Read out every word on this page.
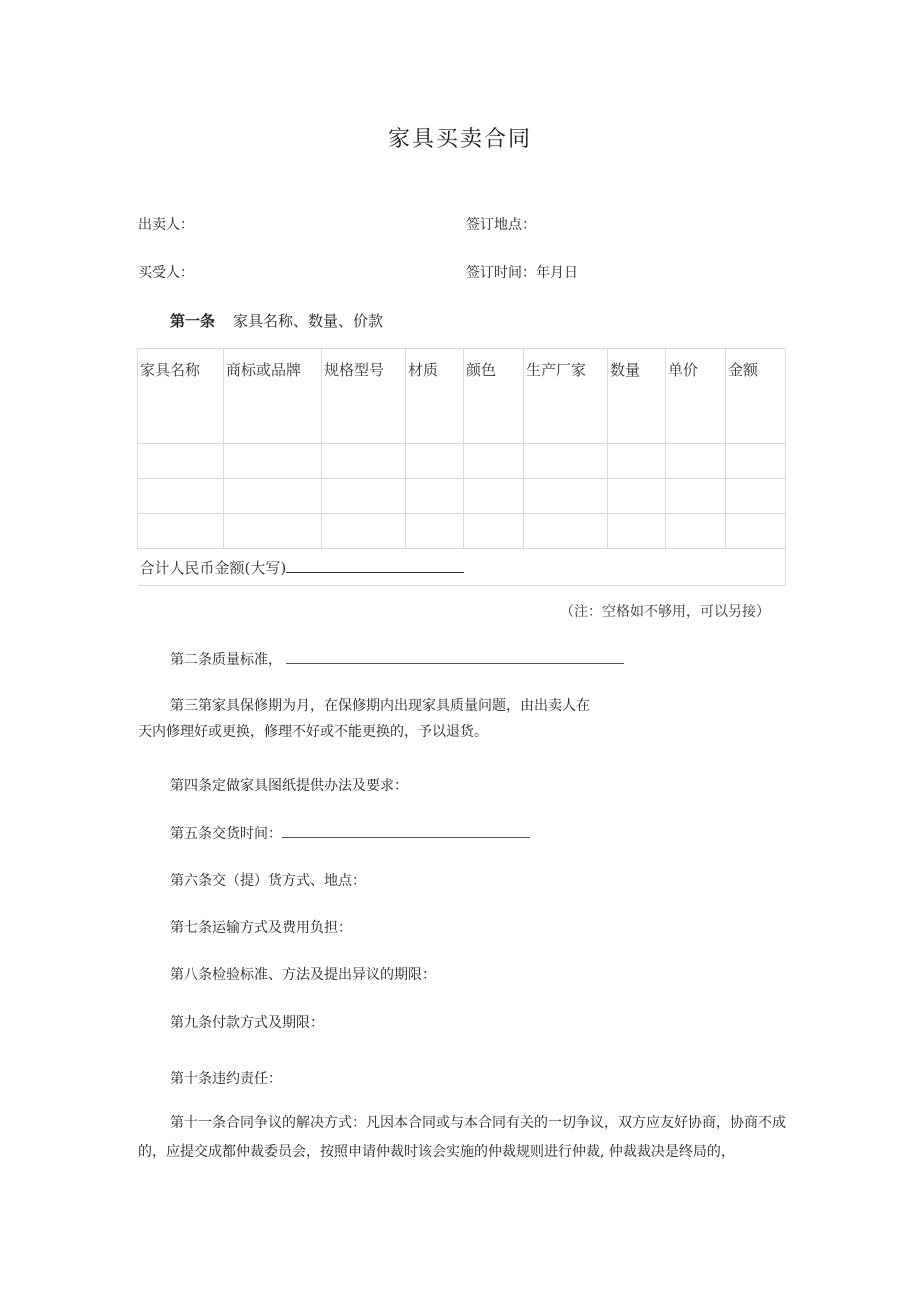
家具买卖合同
出卖人：	签订地点：
买受人：	签订时间：年月日
第一条 家具名称、数量、价款
家具名称	商标或品牌	规格型号	材质	颜色	生产厂家	数量	单价	金额

合计人民币金额(大写)								
（注：空格如不够用，可以另接）
第二条质量标准，
第三第家具保修期为月，在保修期内出现家具质量问题，由出卖人在
天内修理好或更换，修理不好或不能更换的，予以退货。
第四条定做家具图纸提供办法及要求：
第五条交货时间：
第六条交（提）货方式、地点：
第七条运输方式及费用负担：
第八条检验标准、方法及提出异议的期限：
第九条付款方式及期限：
第十条违约责任：
第十一条合同争议的解决方式：凡因本合同或与本合同有关的一切争议，双方应友好协商，协商不成的，应提交成都仲裁委员会，按照申请仲裁时该会实施的仲裁规则进行仲裁, 仲裁裁决是终局的，
